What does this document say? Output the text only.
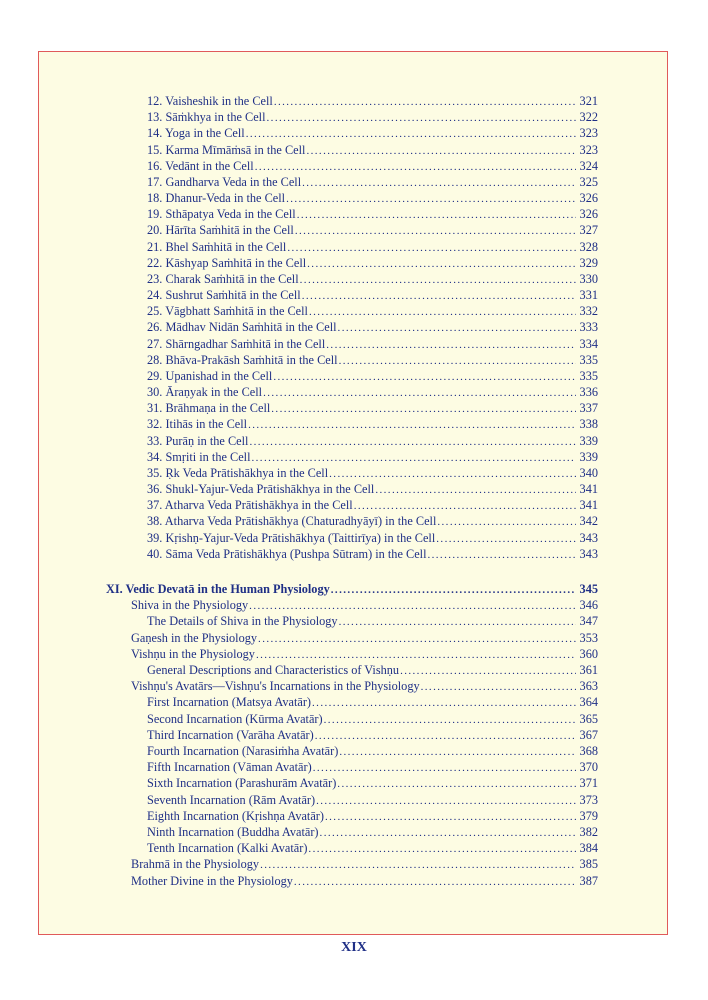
12. Vaisheshik in the Cell .....	321
13. Sāṁkhya in the Cell .....	322
14. Yoga in the Cell .....	323
15. Karma Mīmāṁsā in the Cell .....	323
16. Vedānt in the Cell .....	324
17. Gandharva Veda in the Cell .....	325
18. Dhanur-Veda in the Cell .....	326
19. Sthāpatya Veda in the Cell .....	326
20. Hārīta Saṁhitā in the Cell .....	327
21. Bhel Saṁhitā in the Cell .....	328
22. Kāshyap Saṁhitā in the Cell .....	329
23. Charak Saṁhitā in the Cell .....	330
24. Sushrut Saṁhitā in the Cell .....	331
25. Vāgbhatt Saṁhitā in the Cell .....	332
26. Mādhav Nidān Saṁhitā in the Cell .....	333
27. Shārngadhar Saṁhitā in the Cell .....	334
28. Bhāva-Prakāsh Saṁhitā in the Cell .....	335
29. Upanishad in the Cell .....	335
30. Āraṇyak in the Cell .....	336
31. Brāhmaṇa in the Cell .....	337
32. Itihās in the Cell .....	338
33. Purāṇ in the Cell .....	339
34. Smṛiti in the Cell .....	339
35. Ṛk Veda Prātishākhya in the Cell .....	340
36. Shukl-Yajur-Veda Prātishākhya in the Cell .....	341
37. Atharva Veda Prātishākhya in the Cell .....	341
38. Atharva Veda Prātishākhya (Chaturadhyāyī) in the Cell .....	342
39. Kṛishṇ-Yajur-Veda Prātishākhya (Taittirīya) in the Cell .....	343
40. Sāma Veda Prātishākhya (Pushpa Sūtram) in the Cell .....	343
XI. Vedic Devatā in the Human Physiology .....	345
Shiva in the Physiology .....	346
The Details of Shiva in the Physiology .....	347
Gaṇesh in the Physiology .....	353
Vishṇu in the Physiology .....	360
General Descriptions and Characteristics of Vishṇu .....	361
Vishṇu's Avatārs—Vishṇu's Incarnations in the Physiology .....	363
First Incarnation (Matsya Avatār) .....	364
Second Incarnation (Kūrma Avatār) .....	365
Third Incarnation (Varāha Avatār) .....	367
Fourth Incarnation (Narasiṁha Avatār) .....	368
Fifth Incarnation (Vāman Avatār) .....	370
Sixth Incarnation (Parashurām Avatār) .....	371
Seventh Incarnation (Rām Avatār) .....	373
Eighth Incarnation (Kṛishṇa Avatār) .....	379
Ninth Incarnation (Buddha Avatār) .....	382
Tenth Incarnation (Kalki Avatār) .....	384
Brahmā in the Physiology .....	385
Mother Divine in the Physiology .....	387
XIX
